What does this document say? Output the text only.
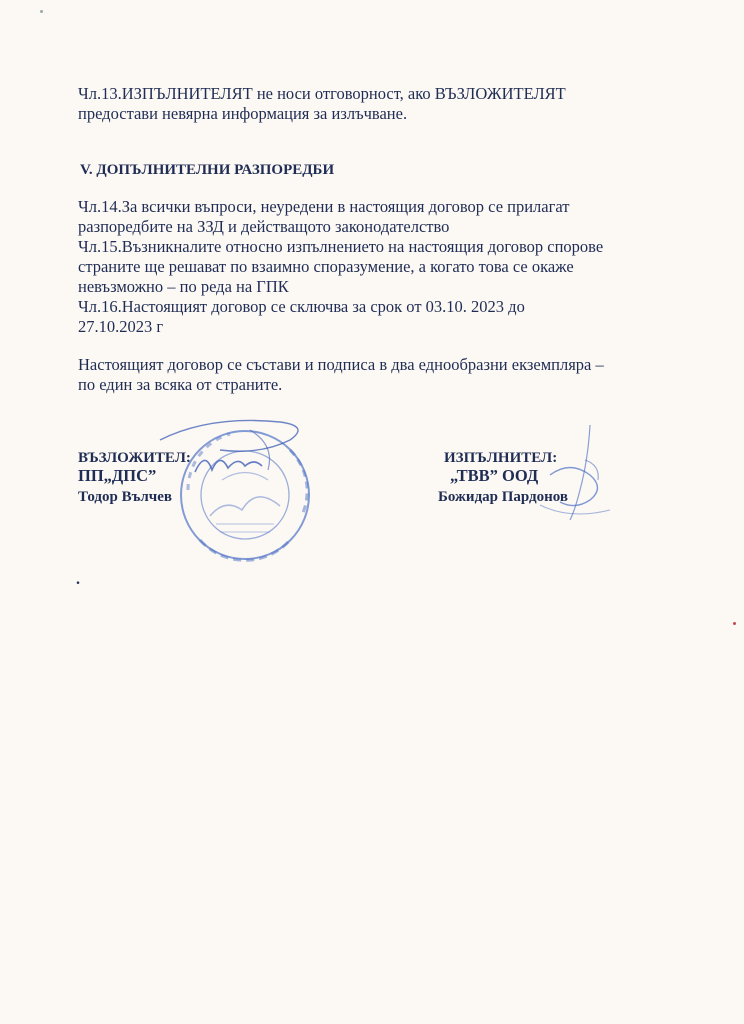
Чл.13.ИЗПЪЛНИТЕЛЯТ не носи отговорност, ако ВЪЗЛОЖИТЕЛЯТ
предостави невярна информация за излъчване.
V. ДОПЪЛНИТЕЛНИ РАЗПОРЕДБИ
Чл.14.За всички въпроси, неуредени в настоящия договор се прилагат
разпоредбите на ЗЗД и действащото законодателство
Чл.15.Възникналите относно изпълнението на настоящия договор спорове
страните ще решават по взаимно споразумение, а когато това се окаже
невъзможно – по реда на ГПК
Чл.16.Настоящият договор се сключва за срок от 03.10. 2023 до
27.10.2023 г
Настоящият договор се състави и подписа в два еднообразни екземпляра –
по един за всяка от страните.
ВЪЗЛОЖИТЕЛ:
ПП„ДПС”
Тодор Вълчев
ИЗПЪЛНИТЕЛ:
„ТВВ” ООД
Божидар Пардонов
.
